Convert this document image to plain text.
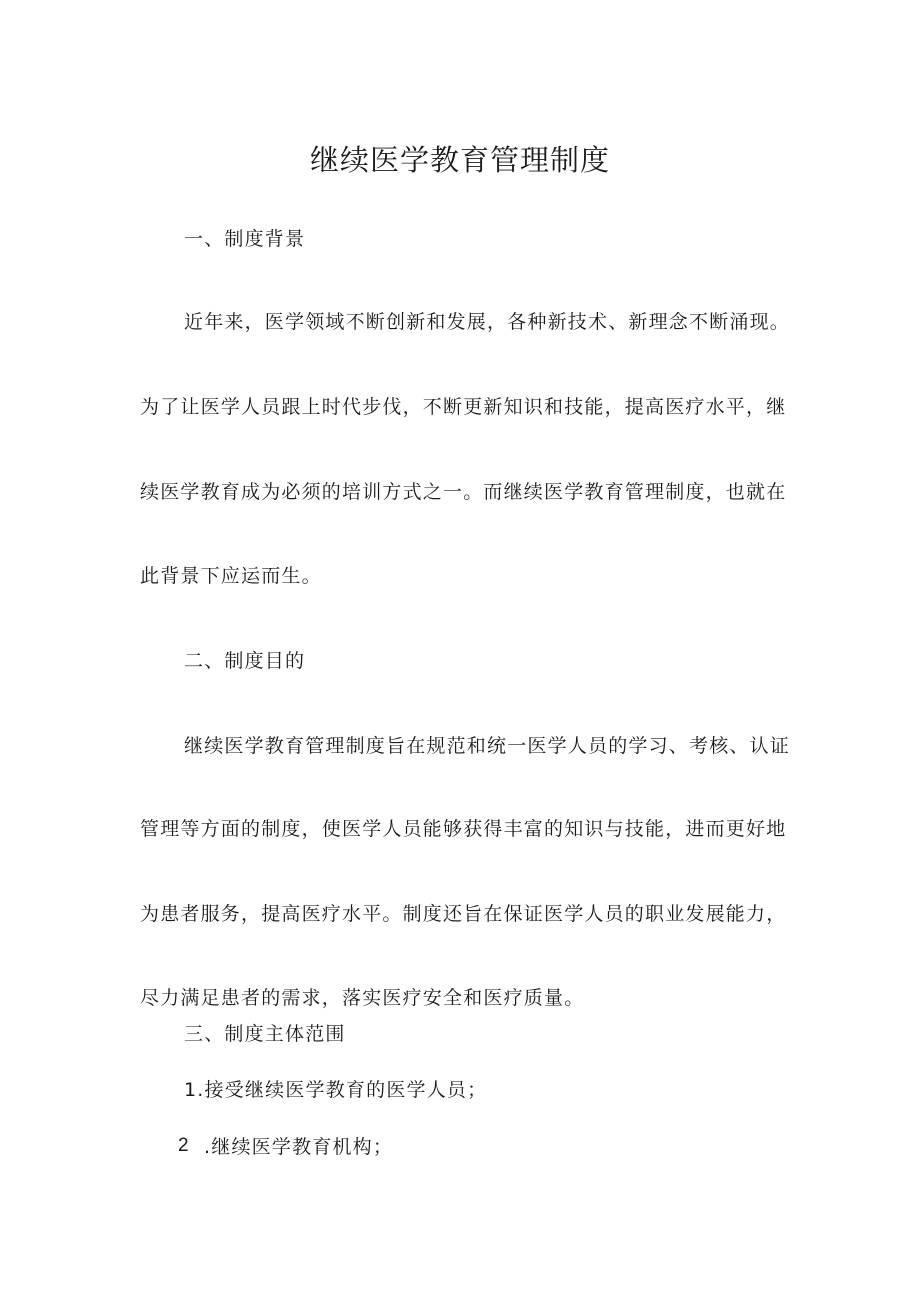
继续医学教育管理制度
一、制度背景
近年来，医学领域不断创新和发展，各种新技术、新理念不断涌现。
为了让医学人员跟上时代步伐，不断更新知识和技能，提高医疗水平，继
续医学教育成为必须的培训方式之一。而继续医学教育管理制度，也就在
此背景下应运而生。
二、制度目的
继续医学教育管理制度旨在规范和统一医学人员的学习、考核、认证
管理等方面的制度，使医学人员能够获得丰富的知识与技能，进而更好地
为患者服务，提高医疗水平。制度还旨在保证医学人员的职业发展能力，
尽力满足患者的需求，落实医疗安全和医疗质量。
三、制度主体范围
1.接受继续医学教育的医学人员；
2 .继续医学教育机构；
